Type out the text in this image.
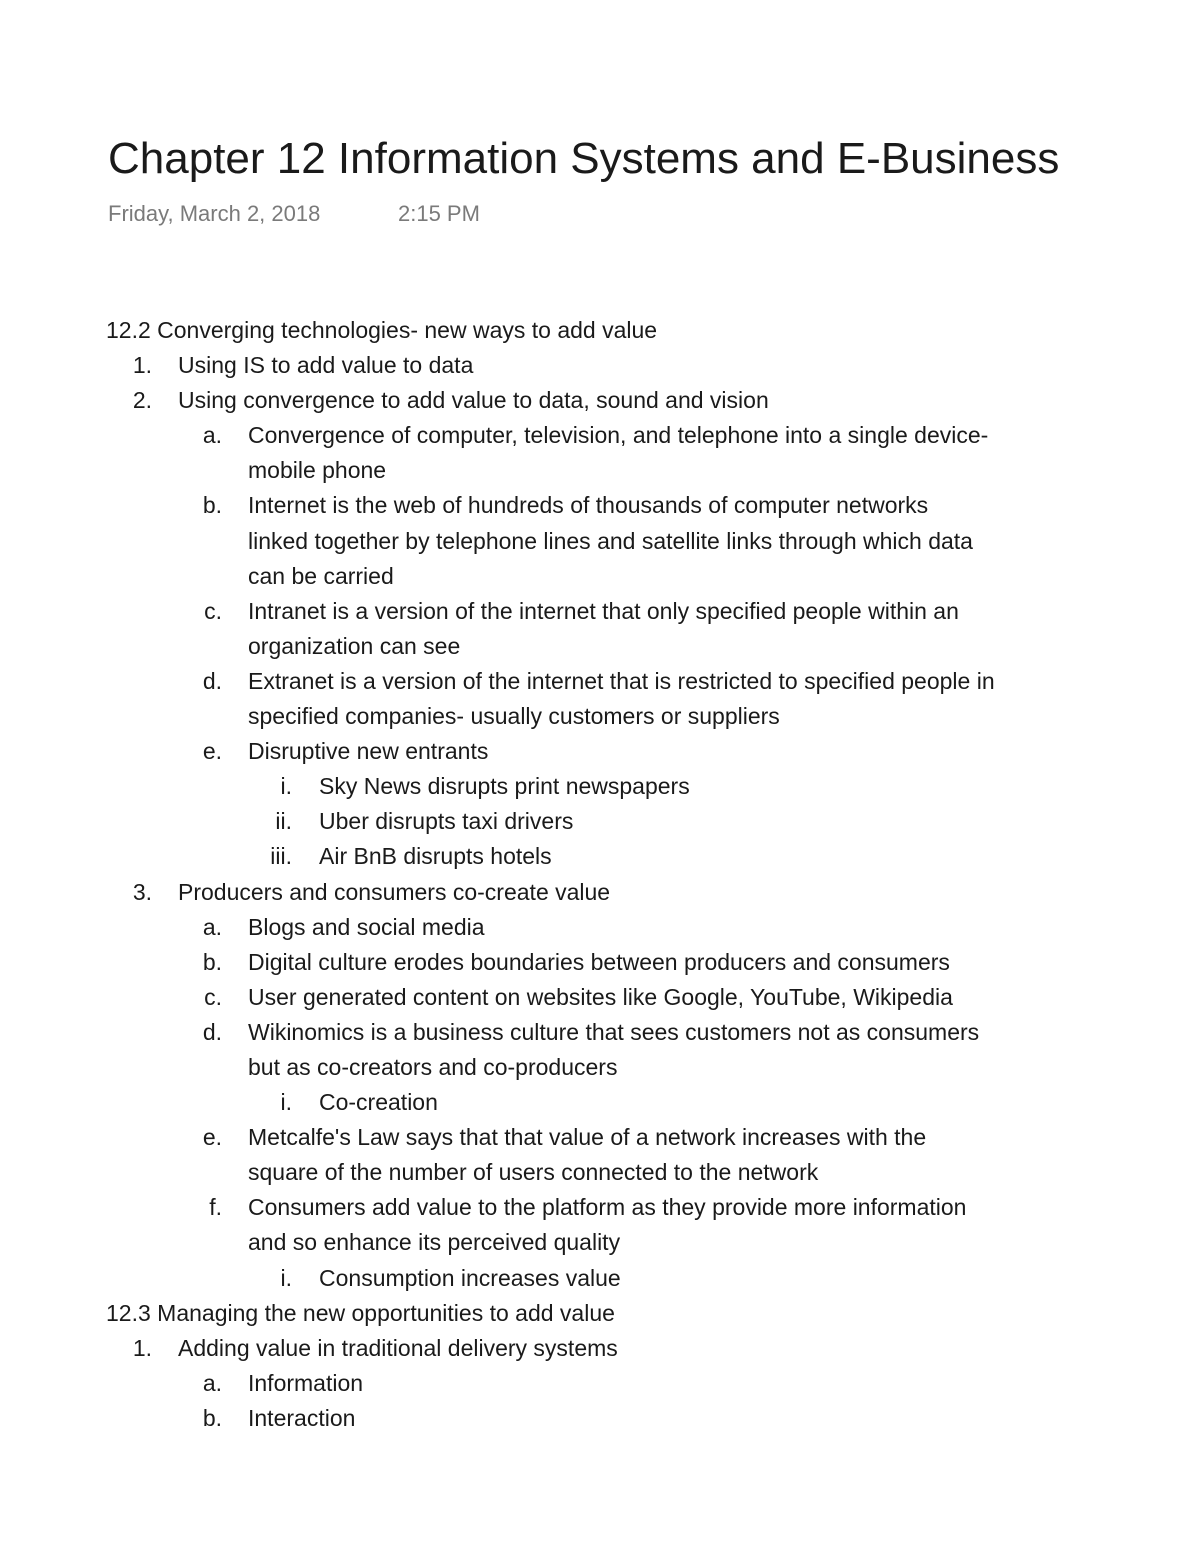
Chapter 12 Information Systems and E-Business
Friday, March 2, 2018	2:15 PM
12.2 Converging technologies- new ways to add value
1. Using IS to add value to data
2. Using convergence to add value to data, sound and vision
a. Convergence of computer, television, and telephone into a single device-
mobile phone
b. Internet is the web of hundreds of thousands of computer networks
linked together by telephone lines and satellite links through which data
can be carried
c. Intranet is a version of the internet that only specified people within an
organization can see
d. Extranet is a version of the internet that is restricted to specified people in
specified companies- usually customers or suppliers
e. Disruptive new entrants
i. Sky News disrupts print newspapers
ii. Uber disrupts taxi drivers
iii. Air BnB disrupts hotels
3. Producers and consumers co-create value
a. Blogs and social media
b. Digital culture erodes boundaries between producers and consumers
c. User generated content on websites like Google, YouTube, Wikipedia
d. Wikinomics is a business culture that sees customers not as consumers
but as co-creators and co-producers
i. Co-creation
e. Metcalfe's Law says that that value of a network increases with the
square of the number of users connected to the network
f. Consumers add value to the platform as they provide more information
and so enhance its perceived quality
i. Consumption increases value
12.3 Managing the new opportunities to add value
1. Adding value in traditional delivery systems
a. Information
b. Interaction
